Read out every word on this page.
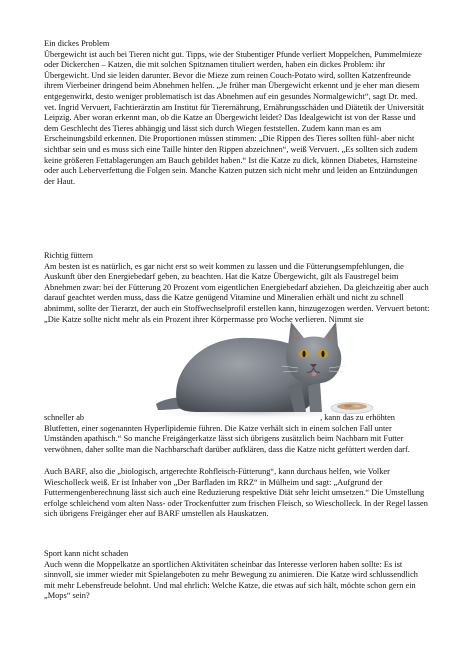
Ein dickes Problem

Übergewicht ist auch bei Tieren nicht gut. Tipps, wie der Stubentiger Pfunde verliert Moppelchen, Pummelmieze oder Dickerchen – Katzen, die mit solchen Spitznamen tituliert werden, haben ein dickes Problem: ihr Übergewicht. Und sie leiden darunter. Bevor die Mieze zum reinen Couch-Potato wird, sollten Katzenfreunde ihrem Vierbeiner dringend beim Abnehmen helfen. „Je früher man Übergewicht erkennt und je eher man diesem entgegenwirkt, desto weniger problematisch ist das Abnehmen auf ein gesundes Normalgewicht“, sagt Dr. med. vet. Ingrid Vervuert, Fachtierärztin am Institut für Tierernährung, Ernährungsschäden und Diätetik der Universität Leipzig. Aber woran erkennt man, ob die Katze an Übergewicht leidet? Das Idealgewicht ist von der Rasse und dem Geschlecht des Tieres abhängig und lässt sich durch Wiegen feststellen. Zudem kann man es am Erscheinungsbild erkennen. Die Proportionen müssen stimmen: „Die Rippen des Tieres sollten fühl- aber nicht sichtbar sein und es muss sich eine Taille hinter den Rippen abzeichnen“, weiß Vervuert. „Es sollten sich zudem keine größeren Fettablagerungen am Bauch gebildet haben.“ Ist die Katze zu dick, können Diabetes, Harnsteine oder auch Leberverfettung die Folgen sein. Manche Katzen putzen sich nicht mehr und leiden an Entzündungen der Haut.

Richtig füttern

Am besten ist es natürlich, es gar nicht erst so weit kommen zu lassen und die Fütterungsempfehlungen, die Auskunft über den Energiebedarf geben, zu beachten. Hat die Katze Übergewicht, gilt als Faustregel beim Abnehmen zwar: bei der Fütterung 20 Prozent vom eigentlichen Energiebedarf abziehen. Da gleichzeitig aber auch darauf geachtet werden muss, dass die Katze genügend Vitamine und Mineralien erhält und nicht zu schnell abnimmt, sollte der Tierarzt, der auch ein Stoffwechselprofil erstellen kann, hinzugezogen werden. Vervuert betont: „Die Katze sollte nicht mehr als ein Prozent ihrer Körpermasse pro Woche verlieren. Nimmt sie

schneller ab	, kann das zu erhöhten Blutfetten, einer sogenannten Hyperlipidemie führen. Die Katze verhält sich in einem solchen Fall unter Umständen apathisch.“ So manche Freigängerkatze lässt sich übrigens zusätzlich beim Nachbarn mit Futter verwöhnen, daher sollte man die Nachbarschaft darüber aufklären, dass die Katze nicht gefüttert werden darf.

Auch BARF, also die „biologisch, artgerechte Rohfleisch-Fütterung“, kann durchaus helfen, wie Volker Wiescholleck weiß. Er ist Inhaber von „Der Barfladen im RRZ“ in Mülheim und sagt: „Aufgrund der Futtermengenberechnung lässt sich auch eine Reduzierung respektive Diät sehr leicht umsetzen.“ Die Umstellung erfolge schleichend vom alten Nass- oder Trockenfutter zum frischen Fleisch, so Wiescholleck. In der Regel lassen sich übrigens Freigänger eher auf BARF umstellen als Hauskatzen.

Sport kann nicht schaden

Auch wenn die Moppelkatze an sportlichen Aktivitäten scheinbar das Interesse verloren haben sollte: Es ist sinnvoll, sie immer wieder mit Spielangeboten zu mehr Bewegung zu animieren. Die Katze wird schlussendlich mit mehr Lebensfreude belohnt. Und mal ehrlich: Welche Katze, die etwas auf sich hält, möchte schon gern ein „Mops“ sein?
